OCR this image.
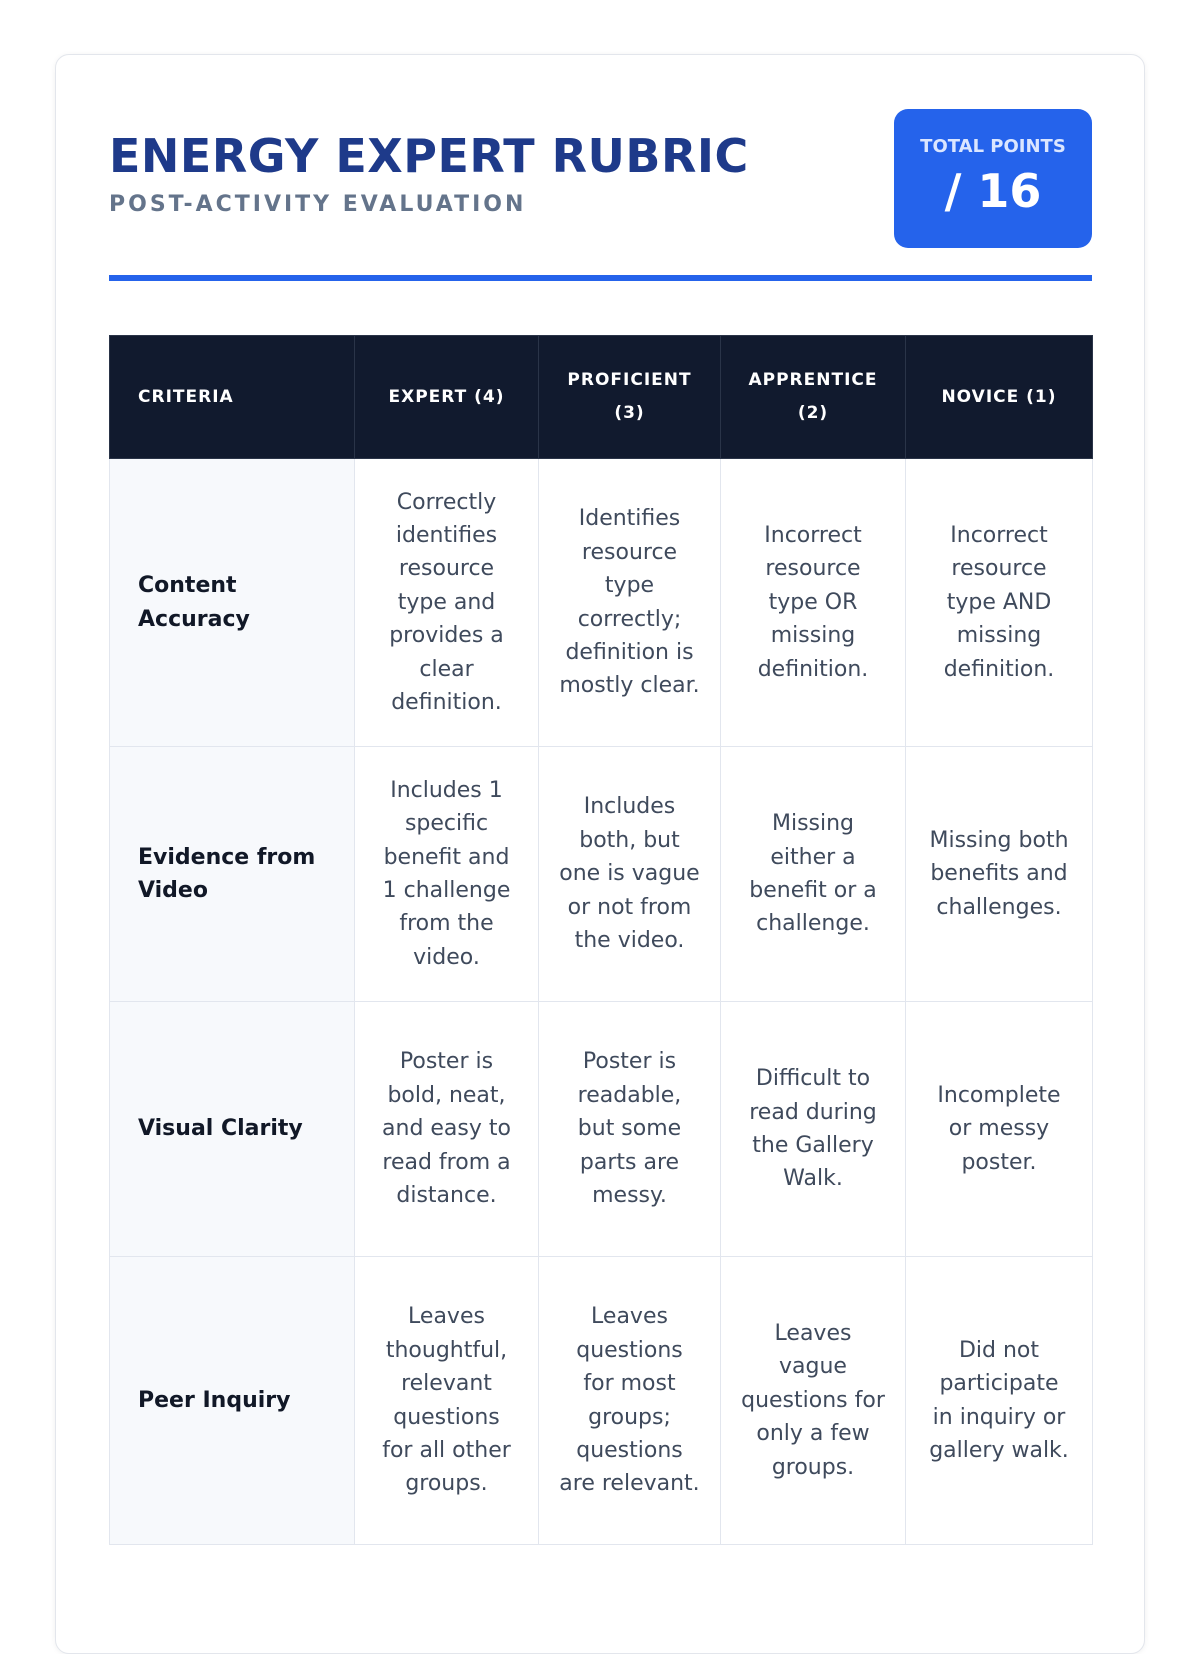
ENERGY EXPERT RUBRIC
POST-ACTIVITY EVALUATION
TOTAL POINTS
/ 16
CRITERIA	EXPERT (4)	PROFICIENT (3)	APPRENTICE (2)	NOVICE (1)
Content Accuracy	Correctly identifies resource type and provides a clear definition.	Identifies resource type correctly; definition is mostly clear.	Incorrect resource type OR missing definition.	Incorrect resource type AND missing definition.
Evidence from Video	Includes 1 specific benefit and 1 challenge from the video.	Includes both, but one is vague or not from the video.	Missing either a benefit or a challenge.	Missing both benefits and challenges.
Visual Clarity	Poster is bold, neat, and easy to read from a distance.	Poster is readable, but some parts are messy.	Difficult to read during the Gallery Walk.	Incomplete or messy poster.
Peer Inquiry	Leaves thoughtful, relevant questions for all other groups.	Leaves questions for most groups; questions are relevant.	Leaves vague questions for only a few groups.	Did not participate in inquiry or gallery walk.
